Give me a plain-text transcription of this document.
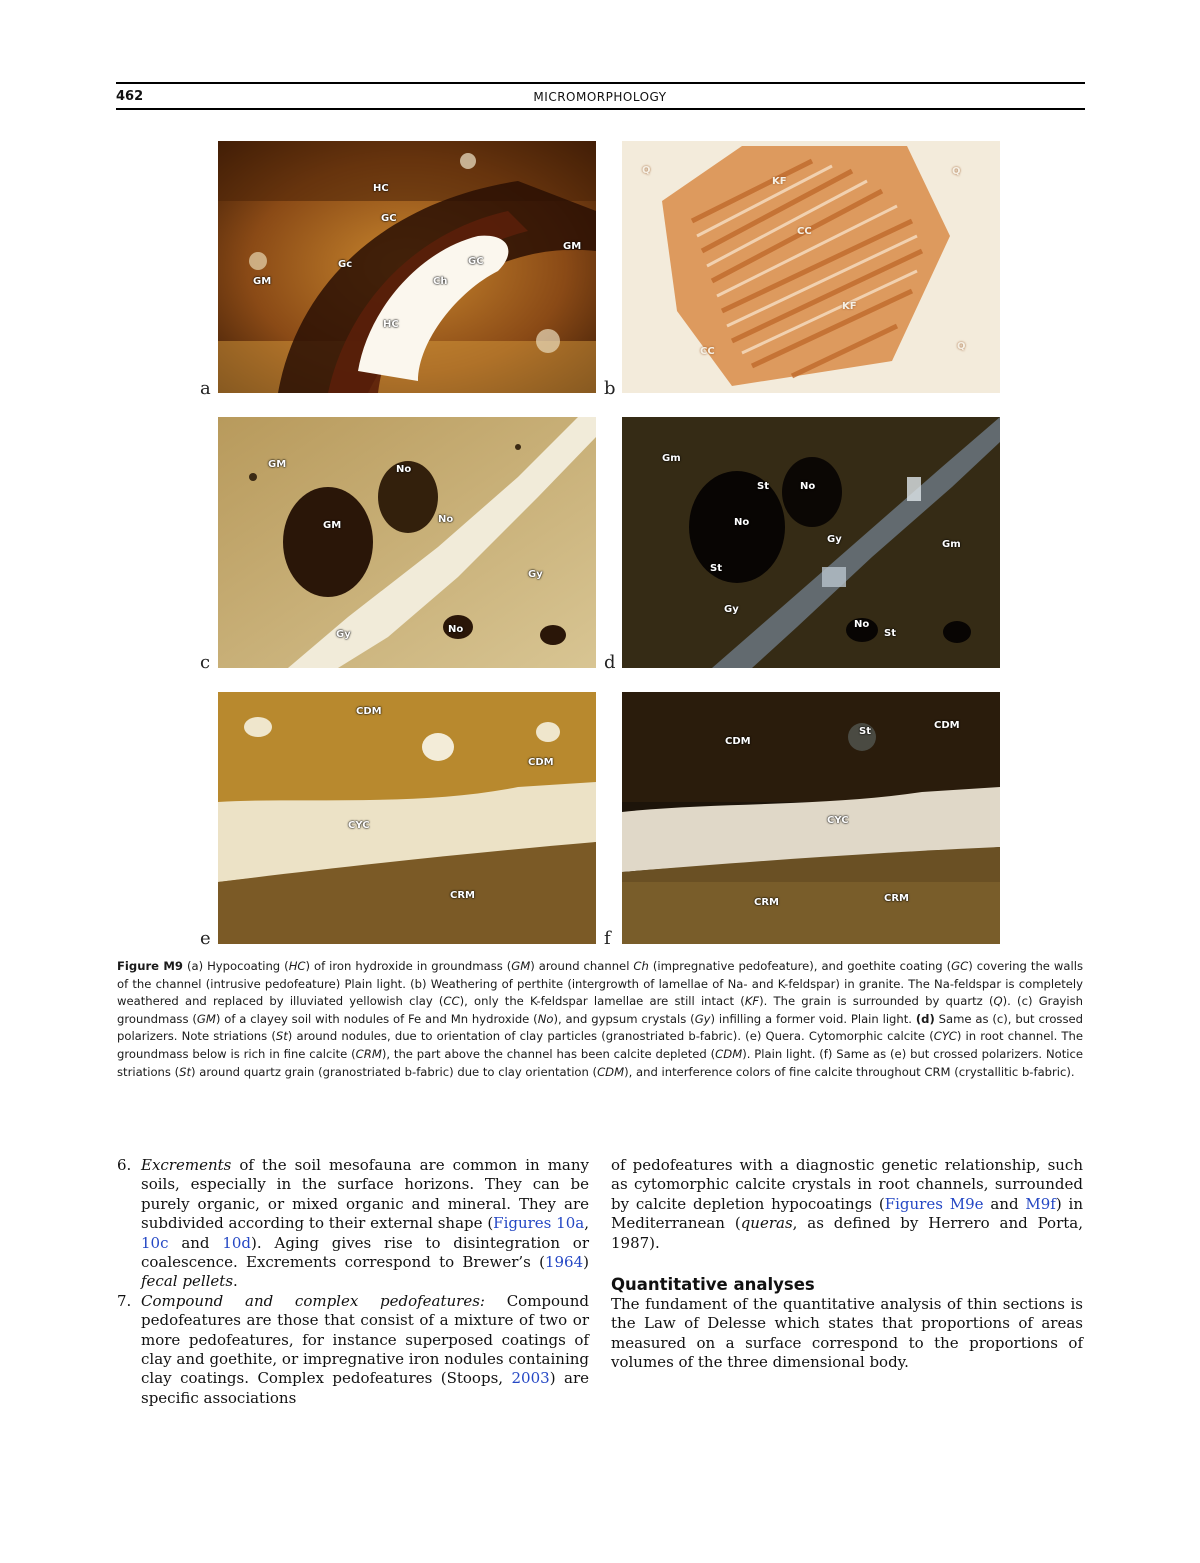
462	MICROMORPHOLOGY
HC
GC
Gc	GC
Ch
GM
GM
HC
Q
KF
Q
CC
KF
CC	Q
GM	No
No
Gy
GM
Gy	No
Gm
St	No
No
Gy
St
Gm
Gy
No
St
CDM
CDM
CYC
CRM
CDM
St
CDM
CYC
CRM	CRM
a	b
c	d
e	f
Figure M9 (a) Hypocoating (HC) of iron hydroxide in groundmass (GM) around channel Ch (impregnative pedofeature), and goethite coating (GC) covering the walls of the channel (intrusive pedofeature) Plain light. (b) Weathering of perthite (intergrowth of lamellae of Na- and K-feldspar) in granite. The Na-feldspar is completely weathered and replaced by illuviated yellowish clay (CC), only the K-feldspar lamellae are still intact (KF). The grain is surrounded by quartz (Q). (c) Grayish groundmass (GM) of a clayey soil with nodules of Fe and Mn hydroxide (No), and gypsum crystals (Gy) infilling a former void. Plain light. (d) Same as (c), but crossed polarizers. Note striations (St) around nodules, due to orientation of clay particles (granostriated b-fabric). (e) Quera. Cytomorphic calcite (CYC) in root channel. The groundmass below is rich in fine calcite (CRM), the part above the channel has been calcite depleted (CDM). Plain light. (f) Same as (e) but crossed polarizers. Notice striations (St) around quartz grain (granostriated b-fabric) due to clay orientation (CDM), and interference colors of fine calcite throughout CRM (crystallitic b-fabric).
6. Excrements of the soil mesofauna are common in many soils, especially in the surface horizons. They can be purely organic, or mixed organic and mineral. They are subdivided according to their external shape (Figures 10a, 10c and 10d). Aging gives rise to disintegration or coalescence. Excrements correspond to Brewer’s (1964) fecal pellets.
7. Compound and complex pedofeatures: Compound pedofeatures are those that consist of a mixture of two or more pedofeatures, for instance superposed coatings of clay and goethite, or impregnative iron nodules containing clay coatings. Complex pedofeatures (Stoops, 2003) are specific associations

of pedofeatures with a diagnostic genetic relationship, such as cytomorphic calcite crystals in root channels, surrounded by calcite depletion hypocoatings (Figures M9e and M9f) in Mediterranean (queras, as defined by Herrero and Porta, 1987).

Quantitative analyses

The fundament of the quantitative analysis of thin sections is the Law of Delesse which states that proportions of areas measured on a surface correspond to the proportions of volumes of the three dimensional body.
